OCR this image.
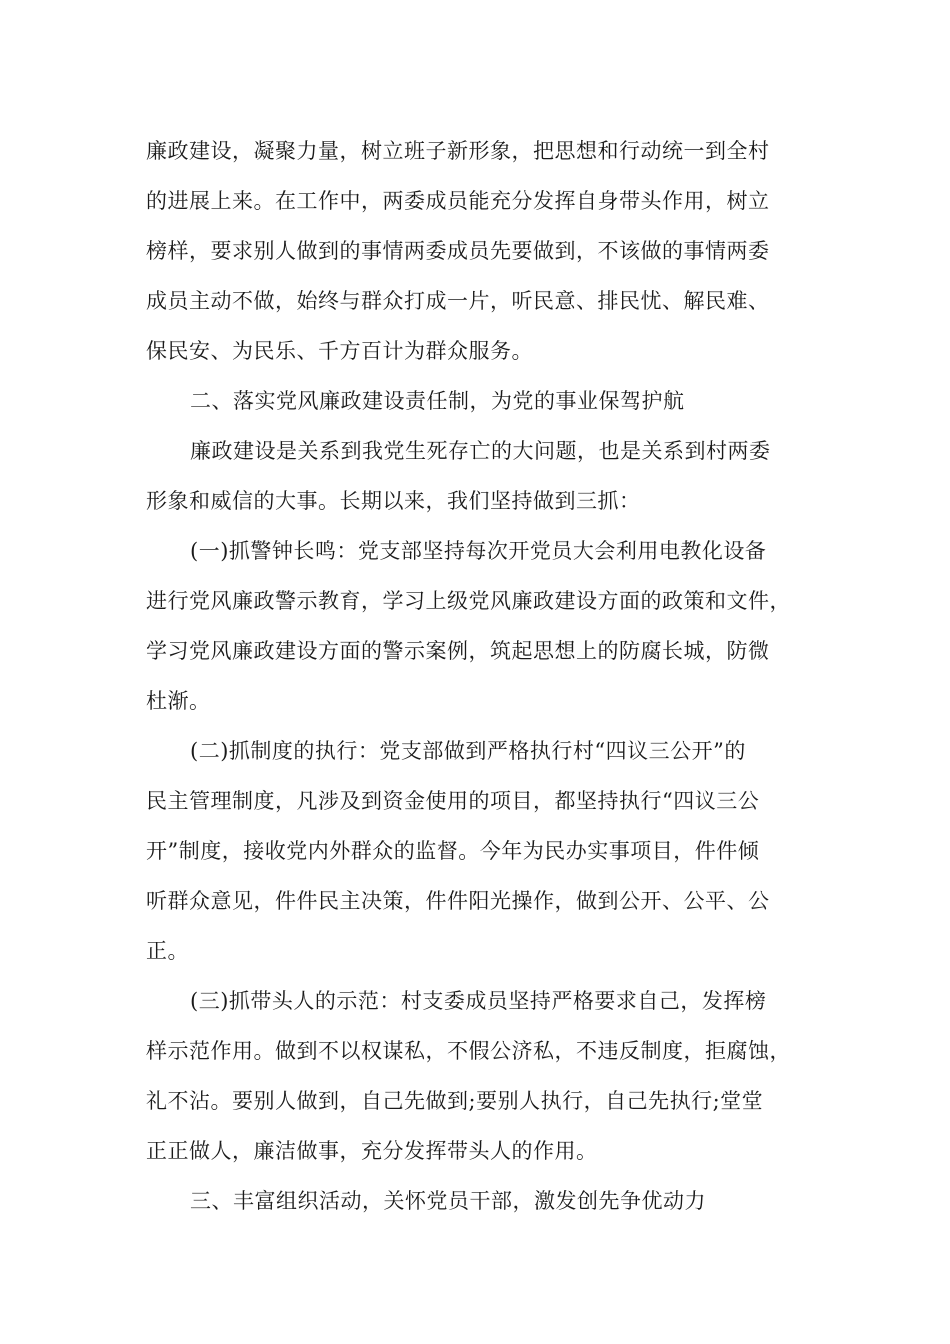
廉政建设，凝聚力量，树立班子新形象，把思想和行动统一到全村
的进展上来。在工作中，两委成员能充分发挥自身带头作用，树立
榜样，要求别人做到的事情两委成员先要做到，不该做的事情两委
成员主动不做，始终与群众打成一片，听民意、排民忧、解民难、
保民安、为民乐、千方百计为群众服务。
二、落实党风廉政建设责任制，为党的事业保驾护航
廉政建设是关系到我党生死存亡的大问题，也是关系到村两委
形象和威信的大事。长期以来，我们坚持做到三抓：
(一)抓警钟长鸣：党支部坚持每次开党员大会利用电教化设备
进行党风廉政警示教育，学习上级党风廉政建设方面的政策和文件，
学习党风廉政建设方面的警示案例，筑起思想上的防腐长城，防微
杜渐。
(二)抓制度的执行：党支部做到严格执行村“四议三公开”的
民主管理制度，凡涉及到资金使用的项目，都坚持执行“四议三公
开”制度，接收党内外群众的监督。今年为民办实事项目，件件倾
听群众意见，件件民主决策，件件阳光操作，做到公开、公平、公
正。
(三)抓带头人的示范：村支委成员坚持严格要求自己，发挥榜
样示范作用。做到不以权谋私，不假公济私，不违反制度，拒腐蚀，
礼不沾。要别人做到，自己先做到;要别人执行，自己先执行;堂堂
正正做人，廉洁做事，充分发挥带头人的作用。
三、丰富组织活动，关怀党员干部，激发创先争优动力
